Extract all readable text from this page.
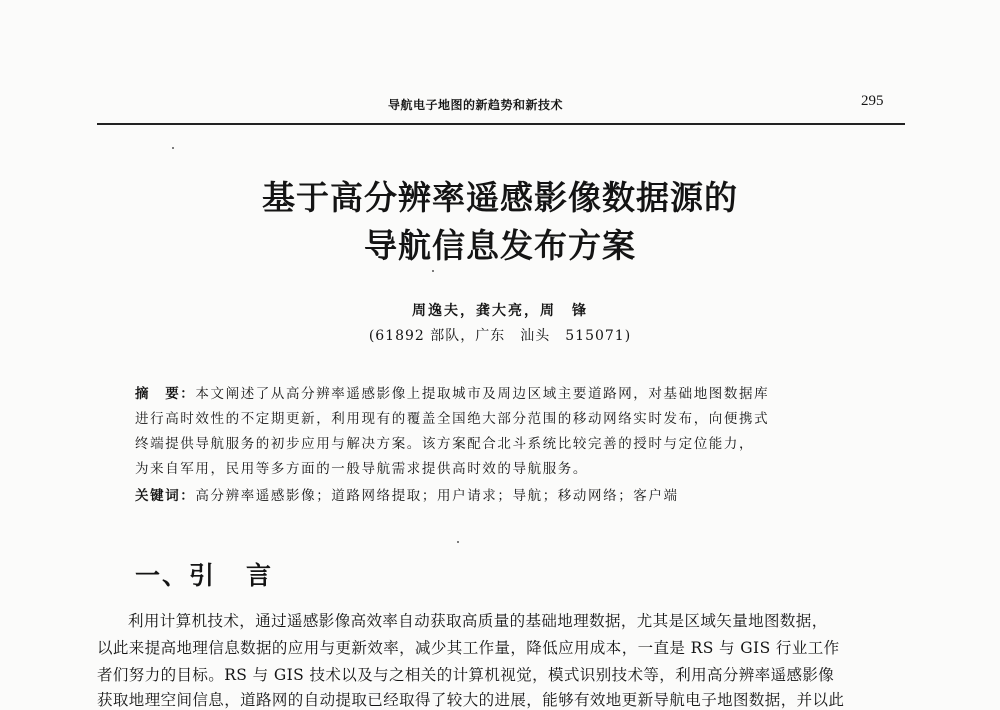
导航电子地图的新趋势和新技术	295
基于高分辨率遥感影像数据源的
导航信息发布方案
周逸夫，龚大亮，周　锋
(61892 部队，广东　汕头　515071)
摘　要：本文阐述了从高分辨率遥感影像上提取城市及周边区域主要道路网，对基础地图数据库
进行高时效性的不定期更新，利用现有的覆盖全国绝大部分范围的移动网络实时发布，向便携式
终端提供导航服务的初步应用与解决方案。该方案配合北斗系统比较完善的授时与定位能力，
为来自军用，民用等多方面的一般导航需求提供高时效的导航服务。
关键词：高分辨率遥感影像；道路网络提取；用户请求；导航；移动网络；客户端
一、引 言
利用计算机技术，通过遥感影像高效率自动获取高质量的基础地理数据，尤其是区域矢量地图数据，
以此来提高地理信息数据的应用与更新效率，减少其工作量，降低应用成本，一直是 RS 与 GIS 行业工作
者们努力的目标。RS 与 GIS 技术以及与之相关的计算机视觉，模式识别技术等，利用高分辨率遥感影像
获取地理空间信息，道路网的自动提取已经取得了较大的进展，能够有效地更新导航电子地图数据，并以此
